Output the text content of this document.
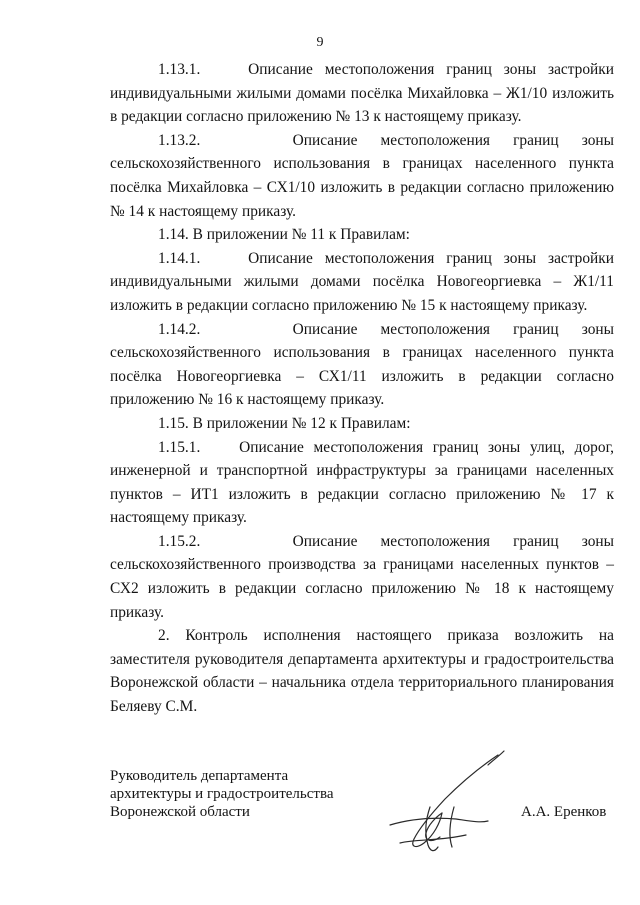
9

1.13.1.    Описание местоположения границ зоны застройки индивидуальными жилыми домами посёлка Михайловка – Ж1/10 изложить в редакции согласно приложению № 13 к настоящему приказу.

1.13.2.    Описание местоположения границ зоны сельскохозяйственного использования в границах населенного пункта посёлка Михайловка – СХ1/10 изложить в редакции согласно приложению № 14 к настоящему приказу.

1.14. В приложении № 11 к Правилам:

1.14.1.    Описание местоположения границ зоны застройки индивидуальными жилыми домами посёлка Новогеоргиевка – Ж1/11 изложить в редакции согласно приложению № 15 к настоящему приказу.

1.14.2.    Описание местоположения границ зоны сельскохозяйственного использования в границах населенного пункта посёлка Новогеоргиевка – СХ1/11 изложить в редакции согласно приложению № 16 к настоящему приказу.

1.15. В приложении № 12 к Правилам:

1.15.1.    Описание местоположения границ зоны улиц, дорог, инженерной и транспортной инфраструктуры за границами населенных пунктов – ИТ1 изложить в редакции согласно приложению № 17 к настоящему приказу.

1.15.2.    Описание местоположения границ зоны сельскохозяйственного производства за границами населенных пунктов – СХ2 изложить в редакции согласно приложению № 18 к настоящему приказу.

2. Контроль исполнения настоящего приказа возложить на заместителя руководителя департамента архитектуры и градостроительства Воронежской области – начальника отдела территориального планирования Беляеву С.М.

Руководитель департамента
архитектуры и градостроительства
Воронежской области	А.А. Еренков
